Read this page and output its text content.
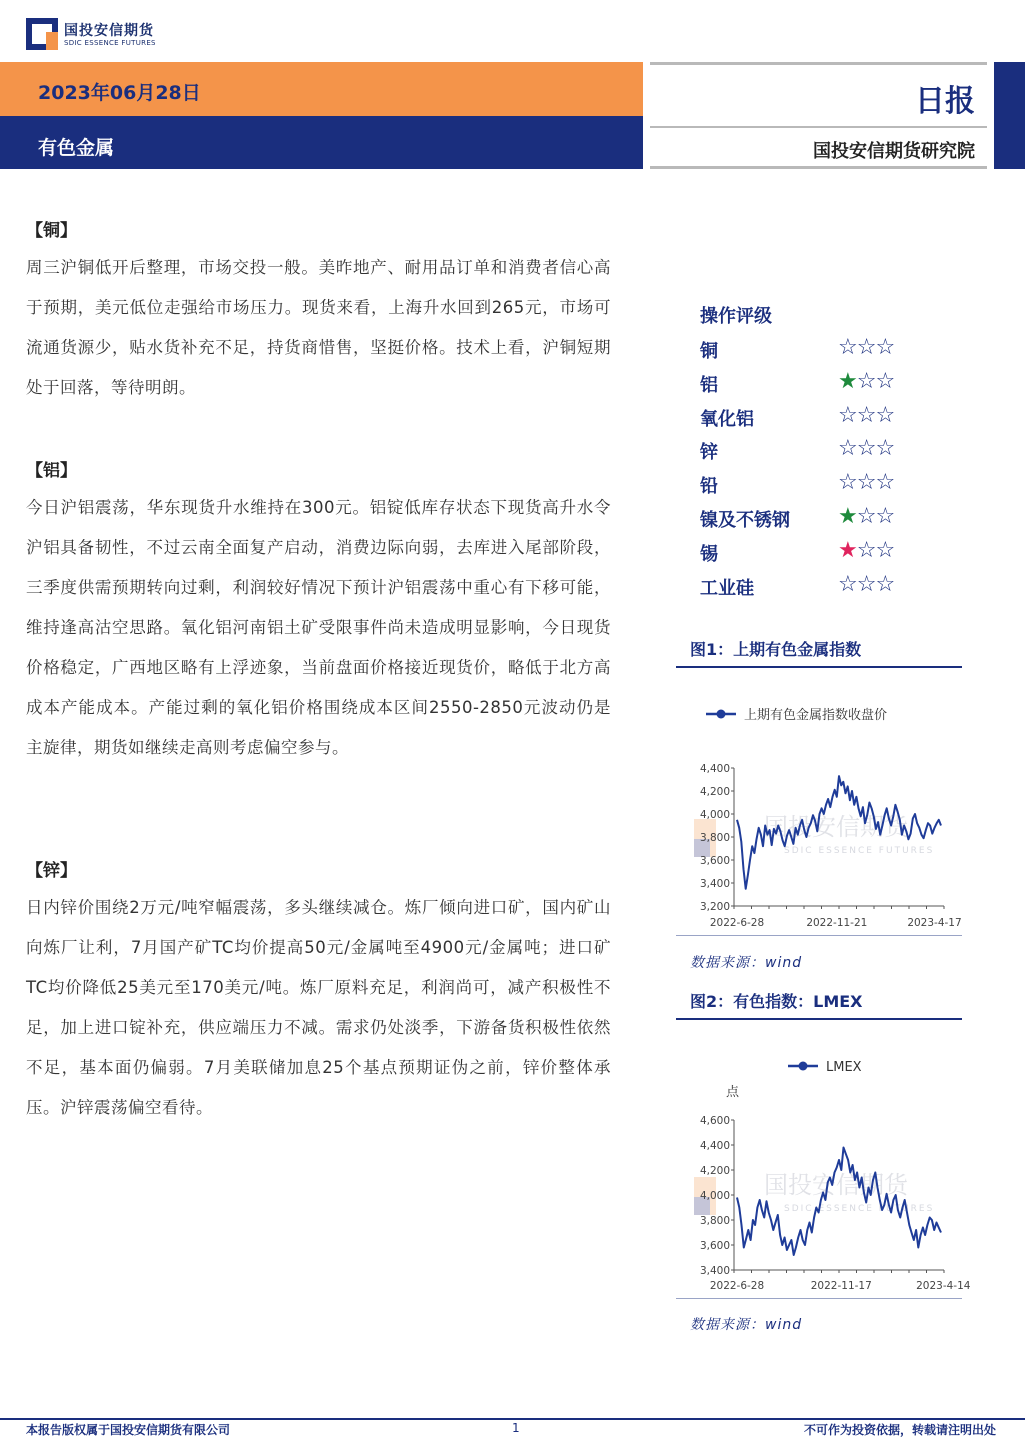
国投安信期货
SDIC ESSENCE FUTURES
2023年06月28日
有色金属
日报
国投安信期货研究院
【铜】
周三沪铜低开后整理，市场交投一般。美昨地产、耐用品订单和消费者信心高于预期，美元低位走强给市场压力。现货来看，上海升水回到265元，市场可流通货源少，贴水货补充不足，持货商惜售，坚挺价格。技术上看，沪铜短期处于回落，等待明朗。
【铝】
今日沪铝震荡，华东现货升水维持在300元。铝锭低库存状态下现货高升水令沪铝具备韧性，不过云南全面复产启动，消费边际向弱，去库进入尾部阶段，三季度供需预期转向过剩，利润较好情况下预计沪铝震荡中重心有下移可能，维持逢高沽空思路。氧化铝河南铝土矿受限事件尚未造成明显影响，今日现货价格稳定，广西地区略有上浮迹象，当前盘面价格接近现货价，略低于北方高成本产能成本。产能过剩的氧化铝价格围绕成本区间2550-2850元波动仍是主旋律，期货如继续走高则考虑偏空参与。
【锌】
日内锌价围绕2万元/吨窄幅震荡，多头继续减仓。炼厂倾向进口矿，国内矿山向炼厂让利，7月国产矿TC均价提高50元/金属吨至4900元/金属吨；进口矿TC均价降低25美元至170美元/吨。炼厂原料充足，利润尚可，减产积极性不足，加上进口锭补充，供应端压力不减。需求仍处淡季，下游备货积极性依然不足，基本面仍偏弱。7月美联储加息25个基点预期证伪之前，锌价整体承压。沪锌震荡偏空看待。
操作评级
铜	☆☆☆
铝	★☆☆
氧化铝	☆☆☆
锌	☆☆☆
铅	☆☆☆
镍及不锈钢 ★☆☆
锡	★☆☆
工业硅	☆☆☆
图1：上期有色金属指数
国投安信期货
SDIC ESSENCE FUTURES
上期有色金属指数收盘价
3,200
3,400
3,600
3,800
4,000
4,200
4,400
2022-6-28	2022-11-21	2023-4-17
数据来源：wind
图2：有色指数：LMEX
国投安信期货
SDIC ESSENCE FUTURES
LMEX
点
3,400
3,600
3,800
4,000
4,200
4,400
4,600
2022-6-28	2022-11-17	2023-4-14
数据来源：wind
本报告版权属于国投安信期货有限公司	1	不可作为投资依据，转载请注明出处
